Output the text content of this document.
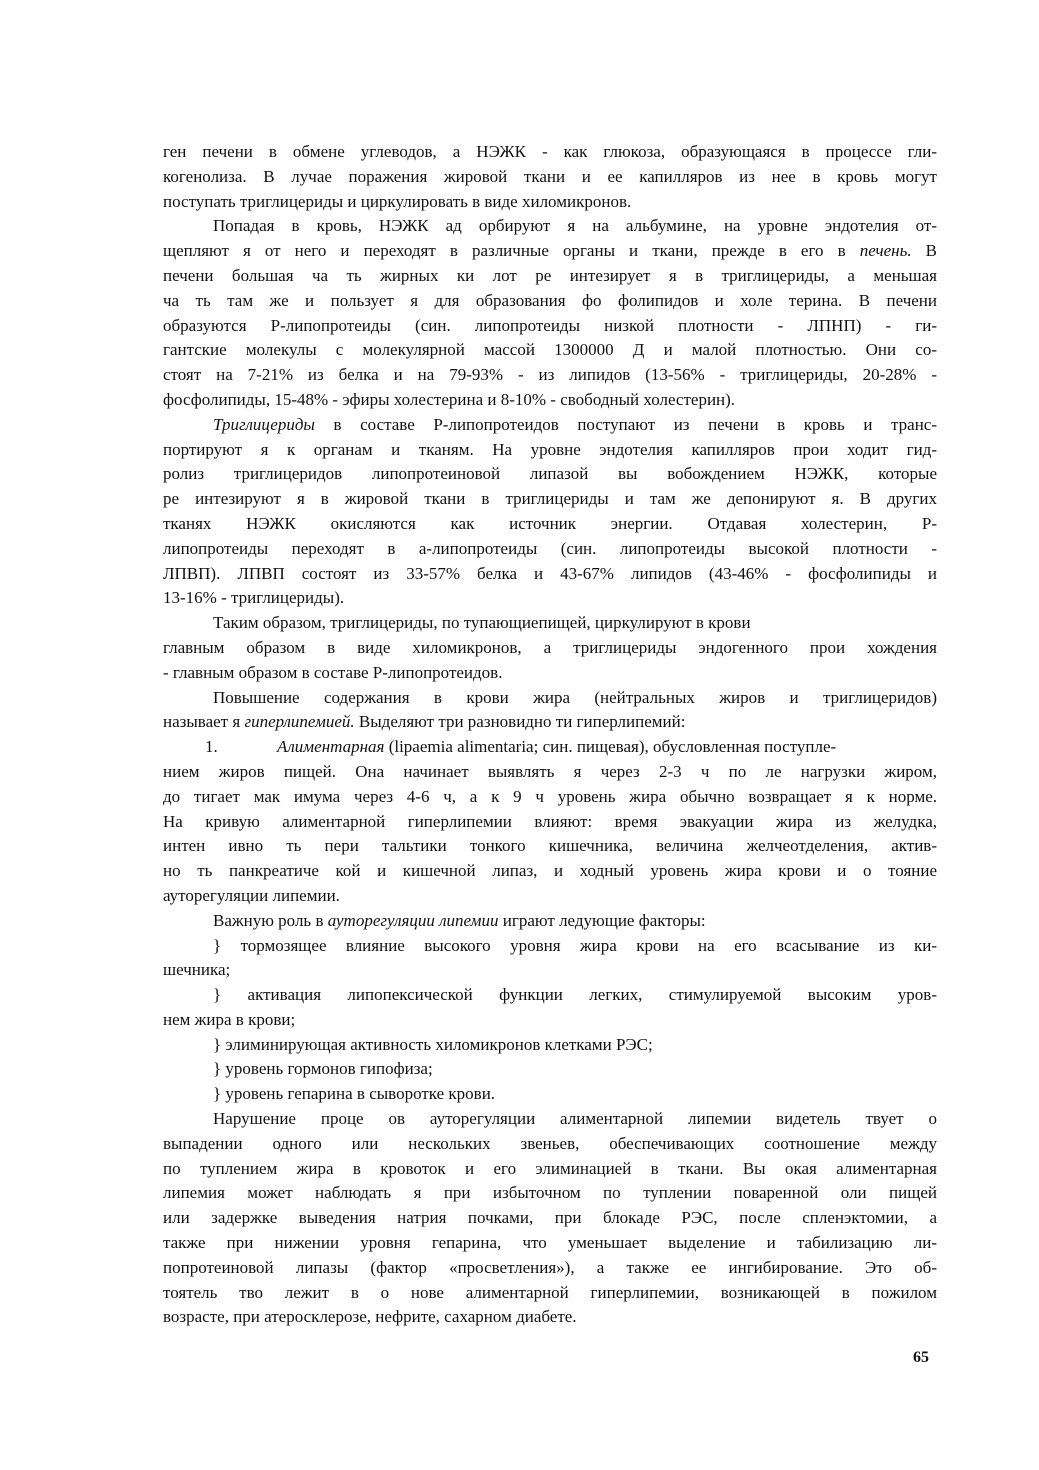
ген печени в обмене углеводов, а НЭЖК - как глюкоза, образующаяся в процессе гли-
когенолиза. В лучае поражения жировой ткани и ее капилляров из нее в кровь могут
поступать триглицериды и циркулировать в виде хиломикронов.
Попадая в кровь, НЭЖК ад орбируют я на альбумине, на уровне эндотелия от-
щепляют я от него и переходят в различные органы и ткани, прежде в его в печень. В
печени большая ча ть жирных ки лот ре интезирует я в триглицериды, а меньшая
ча ть там же и пользует я для образования фо фолипидов и холе терина. В печени
образуются Р-липопротеиды (син. липопротеиды низкой плотности - ЛПНП) - ги-
гантские молекулы с молекулярной массой 1300000 Д и малой плотностью. Они со-
стоят на 7-21% из белка и на 79-93% - из липидов (13-56% - триглицериды, 20-28% -
фосфолипиды, 15-48% - эфиры холестерина и 8-10% - свободный холестерин).
Триглицериды в составе Р-липопротеидов поступают из печени в кровь и транс-
портируют я к органам и тканям. На уровне эндотелия капилляров прои ходит гид-
ролиз триглицеридов липопротеиновой липазой вы вобождением НЭЖК, которые
ре интезируют я в жировой ткани в триглицериды и там же депонируют я. В других
тканях НЭЖК окисляются как источник энергии. Отдавая холестерин, Р-
липопротеиды переходят в а-липопротеиды (син. липопротеиды высокой плотности -
ЛПВП). ЛПВП состоят из 33-57% белка и 43-67% липидов (43-46% - фосфолипиды и
13-16% - триглицериды).
Таким образом, триглицериды, по тупающиепищей, циркулируют в крови
главным образом в виде хиломикронов, а триглицериды эндогенного прои хождения
- главным образом в составе Р-липопротеидов.
Повышение содержания в крови жира (нейтральных жиров и триглицеридов)
называет я гиперлипемией. Выделяют три разновидно ти гиперлипемий:
1.	Алиментарная (lipaemia alimentaria; син. пищевая), обусловленная поступле-
нием жиров пищей. Она начинает выявлять я через 2-3 ч по ле нагрузки жиром,
до тигает мак имума через 4-6 ч, а к 9 ч уровень жира обычно возвращает я к норме.
На кривую алиментарной гиперлипемии влияют: время эвакуации жира из желудка,
интен ивно ть пери тальтики тонкого кишечника, величина желчеотделения, актив-
но ть панкреатиче кой и кишечной липаз, и ходный уровень жира крови и о тояние
ауторегуляции липемии.
Важную роль в ауторегуляции липемии играют ледующие факторы:
} тормозящее влияние высокого уровня жира крови на его всасывание из ки-
шечника;
} активация липопексической функции легких, стимулируемой высоким уров-
нем жира в крови;
} элиминирующая активность хиломикронов клетками РЭС;
} уровень гормонов гипофиза;
} уровень гепарина в сыворотке крови.
Нарушение проце ов ауторегуляции алиментарной липемии видетель твует о
выпадении одного или нескольких звеньев, обеспечивающих соотношение между
по туплением жира в кровоток и его элиминацией в ткани. Вы окая алиментарная
липемия может наблюдать я при избыточном по туплении поваренной оли пищей
или задержке выведения натрия почками, при блокаде РЭС, после спленэктомии, а
также при нижении уровня гепарина, что уменьшает выделение и табилизацию ли-
попротеиновой липазы (фактор «просветления»), а также ее ингибирование. Это об-
тоятель тво лежит в о нове алиментарной гиперлипемии, возникающей в пожилом
возрасте, при атеросклерозе, нефрите, сахарном диабете.
65
